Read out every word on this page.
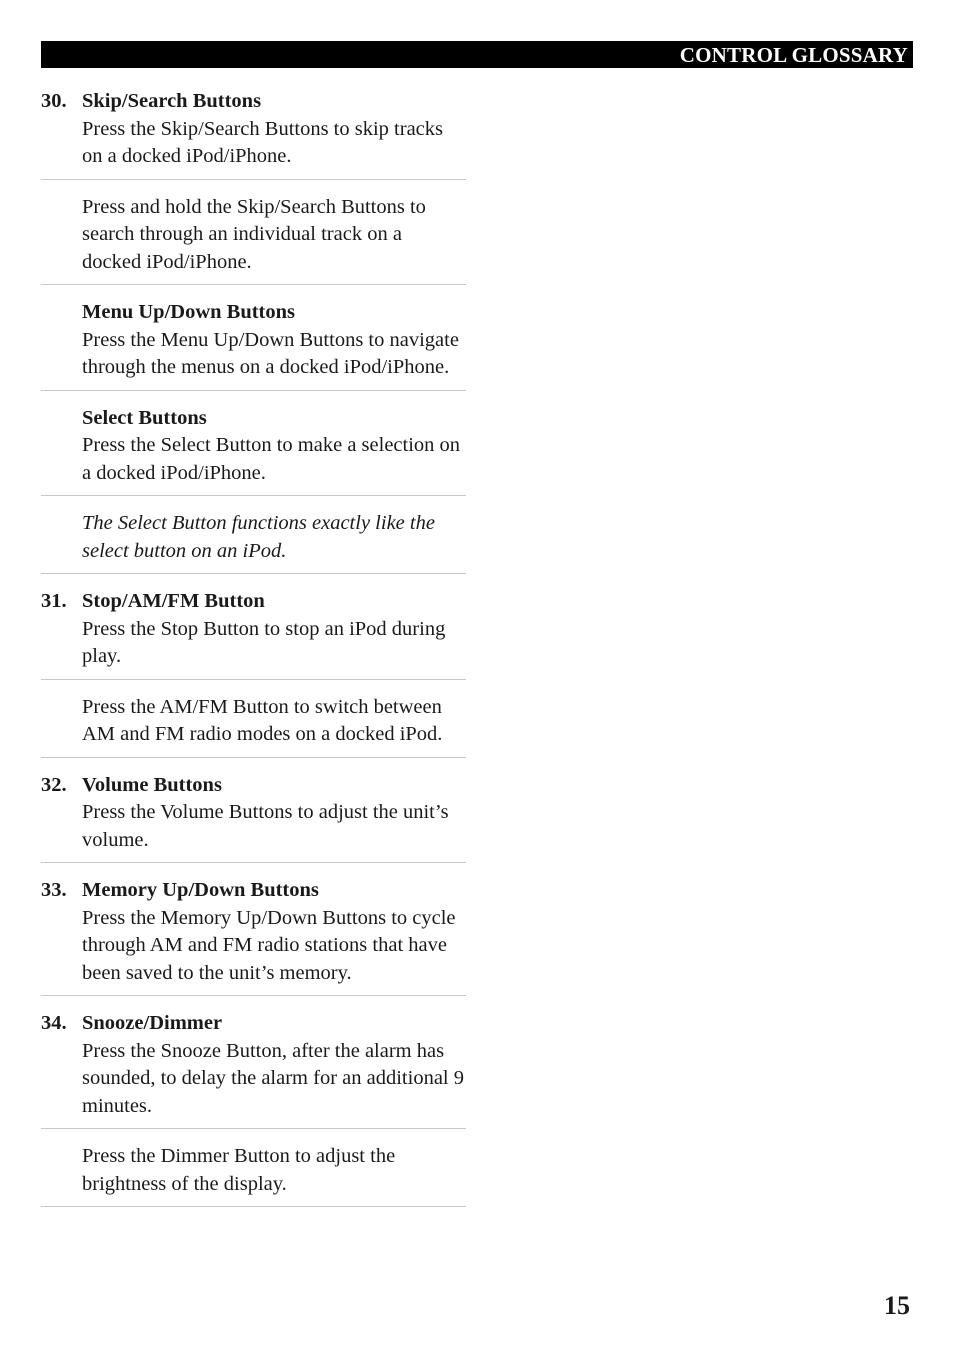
CONTROL GLOSSARY
30. Skip/Search Buttons
Press the Skip/Search Buttons to skip tracks on a docked iPod/iPhone.
Press and hold the Skip/Search Buttons to search through an individual track on a docked iPod/iPhone.
Menu Up/Down Buttons
Press the Menu Up/Down Buttons to navigate through the menus on a docked iPod/iPhone.
Select Buttons
Press the Select Button to make a selection on a docked iPod/iPhone.
The Select Button functions exactly like the select button on an iPod.
31. Stop/AM/FM Button
Press the Stop Button to stop an iPod during play.
Press the AM/FM Button to switch between AM and FM radio modes on a docked iPod.
32. Volume Buttons
Press the Volume Buttons to adjust the unit’s volume.
33. Memory Up/Down Buttons
Press the Memory Up/Down Buttons to cycle through AM and FM radio stations that have been saved to the unit’s memory.
34. Snooze/Dimmer
Press the Snooze Button, after the alarm has sounded, to delay the alarm for an additional 9 minutes.
Press the Dimmer Button to adjust the brightness of the display.
15
